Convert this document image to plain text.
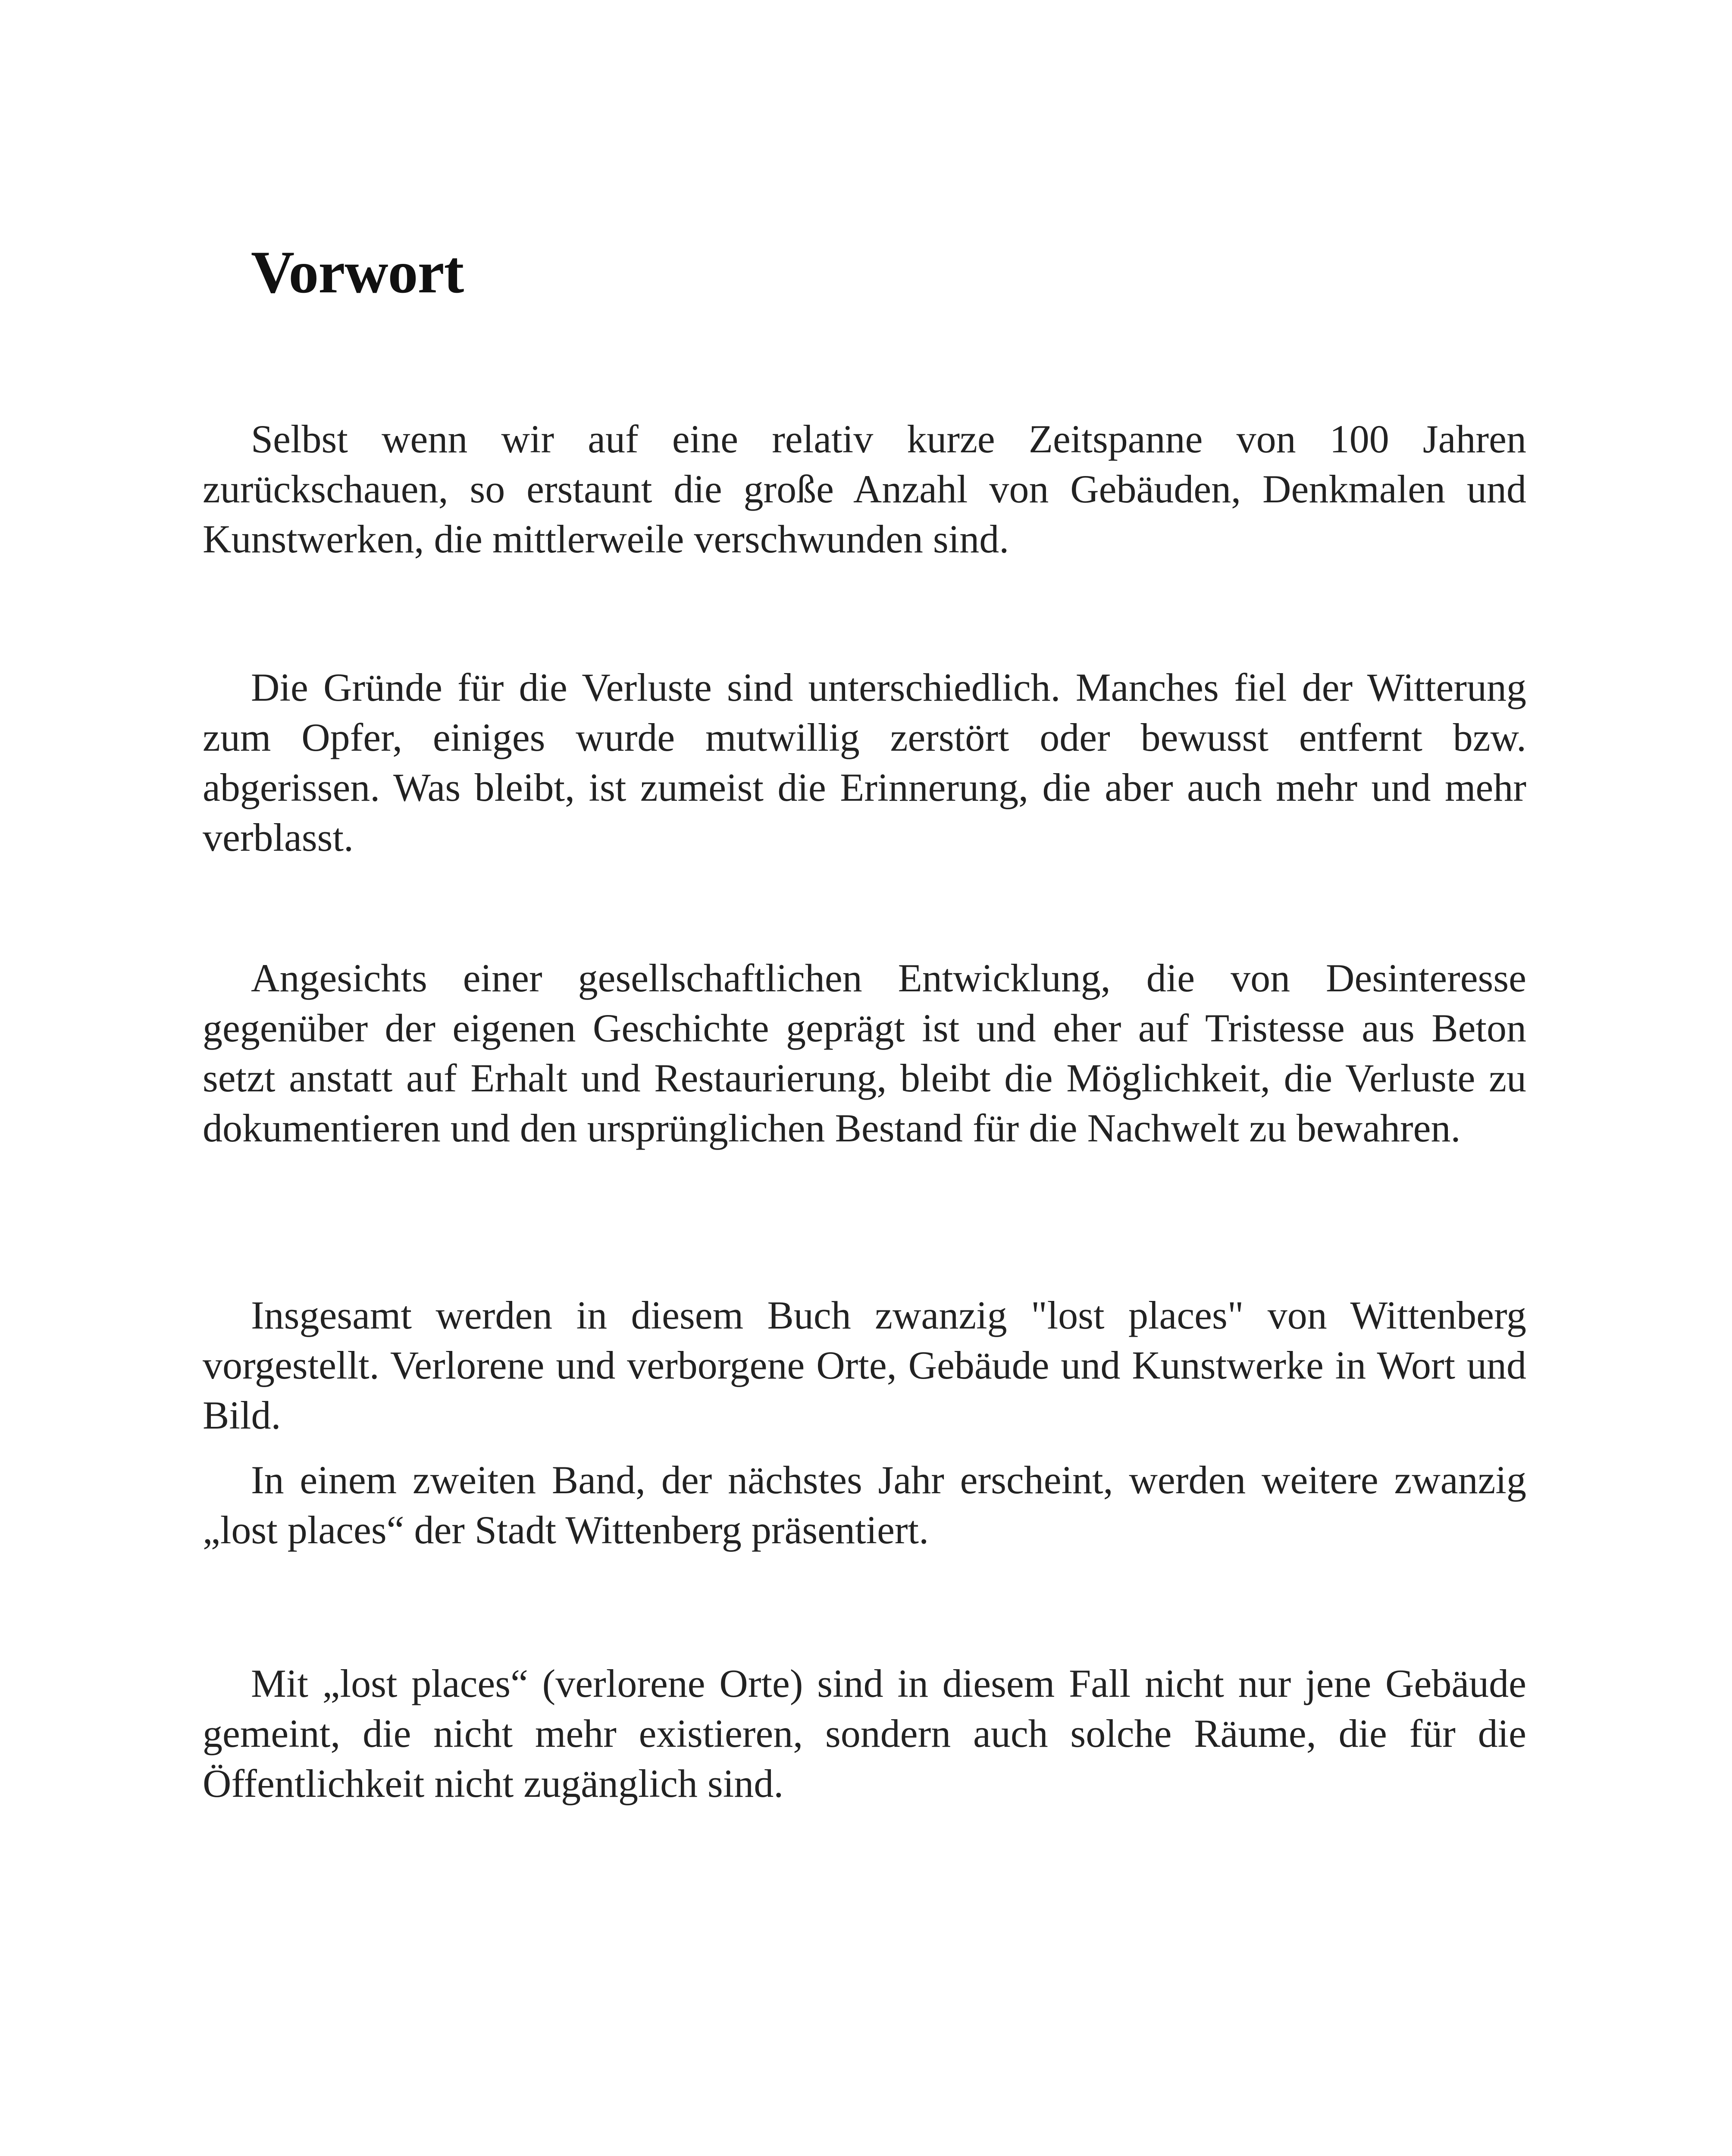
Vorwort

Selbst wenn wir auf eine relativ kurze Zeitspanne von 100 Jahren zurückschauen, so erstaunt die große Anzahl von Gebäuden, Denkmalen und Kunstwerken, die mittlerweile verschwunden sind.

Die Gründe für die Verluste sind unterschiedlich. Manches fiel der Witterung zum Opfer, einiges wurde mutwillig zerstört oder bewusst entfernt bzw. abgerissen. Was bleibt, ist zumeist die Erinnerung, die aber auch mehr und mehr verblasst.

Angesichts einer gesellschaftlichen Entwicklung, die von Desinteresse gegenüber der eigenen Geschichte geprägt ist und eher auf Tristesse aus Beton setzt anstatt auf Erhalt und Restaurierung, bleibt die Möglichkeit, die Verluste zu dokumentieren und den ursprünglichen Bestand für die Nachwelt zu bewahren.

Insgesamt werden in diesem Buch zwanzig "lost places" von Wittenberg vorgestellt. Verlorene und verborgene Orte, Gebäude und Kunstwerke in Wort und Bild.

In einem zweiten Band, der nächstes Jahr erscheint, werden weitere zwanzig „lost places“ der Stadt Wittenberg präsentiert.

Mit „lost places“ (verlorene Orte) sind in diesem Fall nicht nur jene Gebäude gemeint, die nicht mehr existieren, sondern auch solche Räume, die für die Öffentlichkeit nicht zugänglich sind.
